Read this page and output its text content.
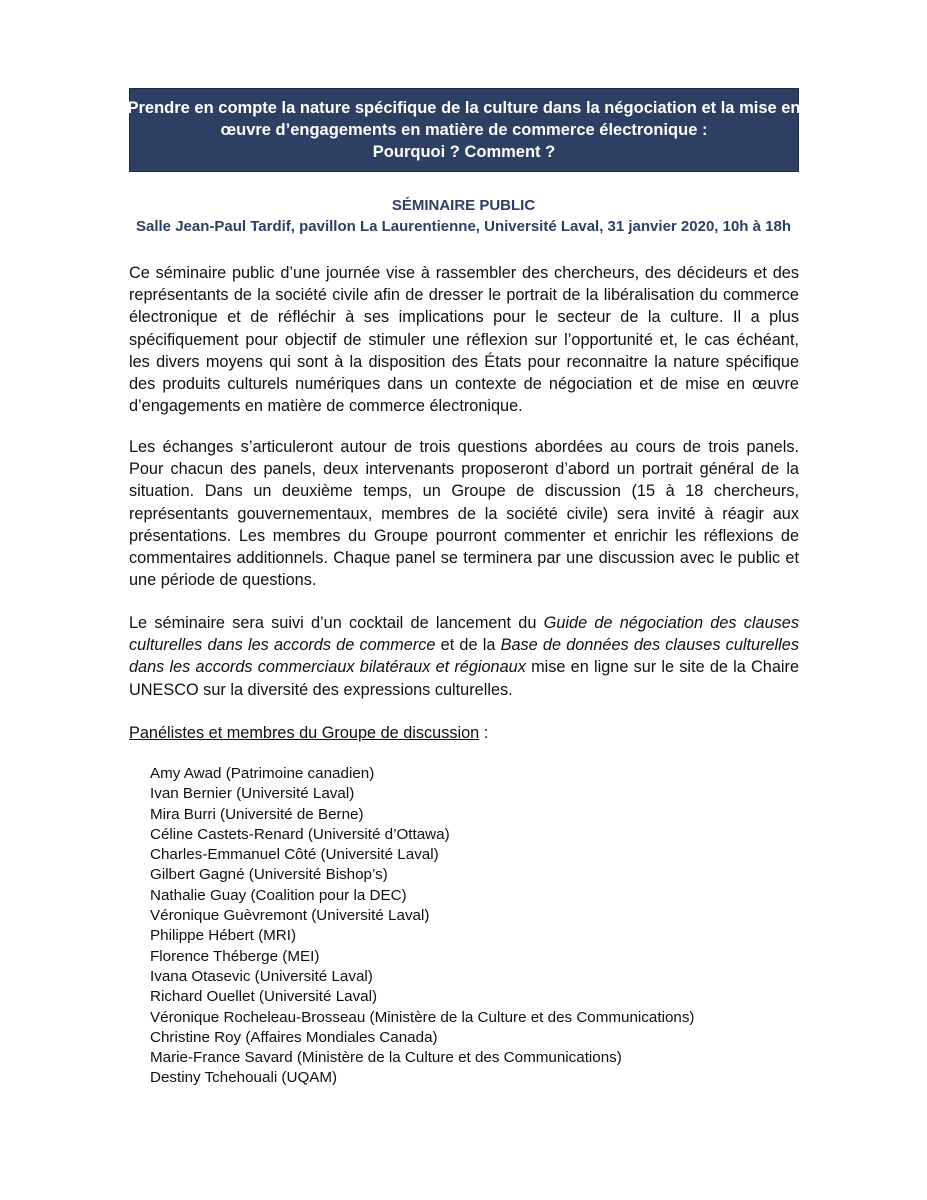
Prendre en compte la nature spécifique de la culture dans la négociation et la mise en
œuvre d’engagements en matière de commerce électronique :
Pourquoi ? Comment ?
SÉMINAIRE PUBLIC
Salle Jean-Paul Tardif, pavillon La Laurentienne, Université Laval, 31 janvier 2020, 10h à 18h
Ce séminaire public d’une journée vise à rassembler des chercheurs, des décideurs et des
représentants de la société civile afin de dresser le portrait de la libéralisation du commerce
électronique et de réfléchir à ses implications pour le secteur de la culture. Il a plus
spécifiquement pour objectif de stimuler une réflexion sur l’opportunité et, le cas échéant,
les divers moyens qui sont à la disposition des États pour reconnaitre la nature spécifique
des produits culturels numériques dans un contexte de négociation et de mise en œuvre
d’engagements en matière de commerce électronique.
Les échanges s’articuleront autour de trois questions abordées au cours de trois panels.
Pour chacun des panels, deux intervenants proposeront d’abord un portrait général de la
situation. Dans un deuxième temps, un Groupe de discussion (15 à 18 chercheurs,
représentants gouvernementaux, membres de la société civile) sera invité à réagir aux
présentations. Les membres du Groupe pourront commenter et enrichir les réflexions de
commentaires additionnels. Chaque panel se terminera par une discussion avec le public et
une période de questions.
Le séminaire sera suivi d’un cocktail de lancement du Guide de négociation des clauses
culturelles dans les accords de commerce et de la Base de données des clauses culturelles
dans les accords commerciaux bilatéraux et régionaux mise en ligne sur le site de la Chaire
UNESCO sur la diversité des expressions culturelles.
Panélistes et membres du Groupe de discussion :
Amy Awad (Patrimoine canadien)
Ivan Bernier (Université Laval)
Mira Burri (Université de Berne)
Céline Castets-Renard (Université d’Ottawa)
Charles-Emmanuel Côté (Université Laval)
Gilbert Gagné (Université Bishop’s)
Nathalie Guay (Coalition pour la DEC)
Véronique Guèvremont (Université Laval)
Philippe Hébert (MRI)
Florence Théberge (MEI)
Ivana Otasevic (Université Laval)
Richard Ouellet (Université Laval)
Véronique Rocheleau-Brosseau (Ministère de la Culture et des Communications)
Christine Roy (Affaires Mondiales Canada)
Marie-France Savard (Ministère de la Culture et des Communications)
Destiny Tchehouali (UQAM)
